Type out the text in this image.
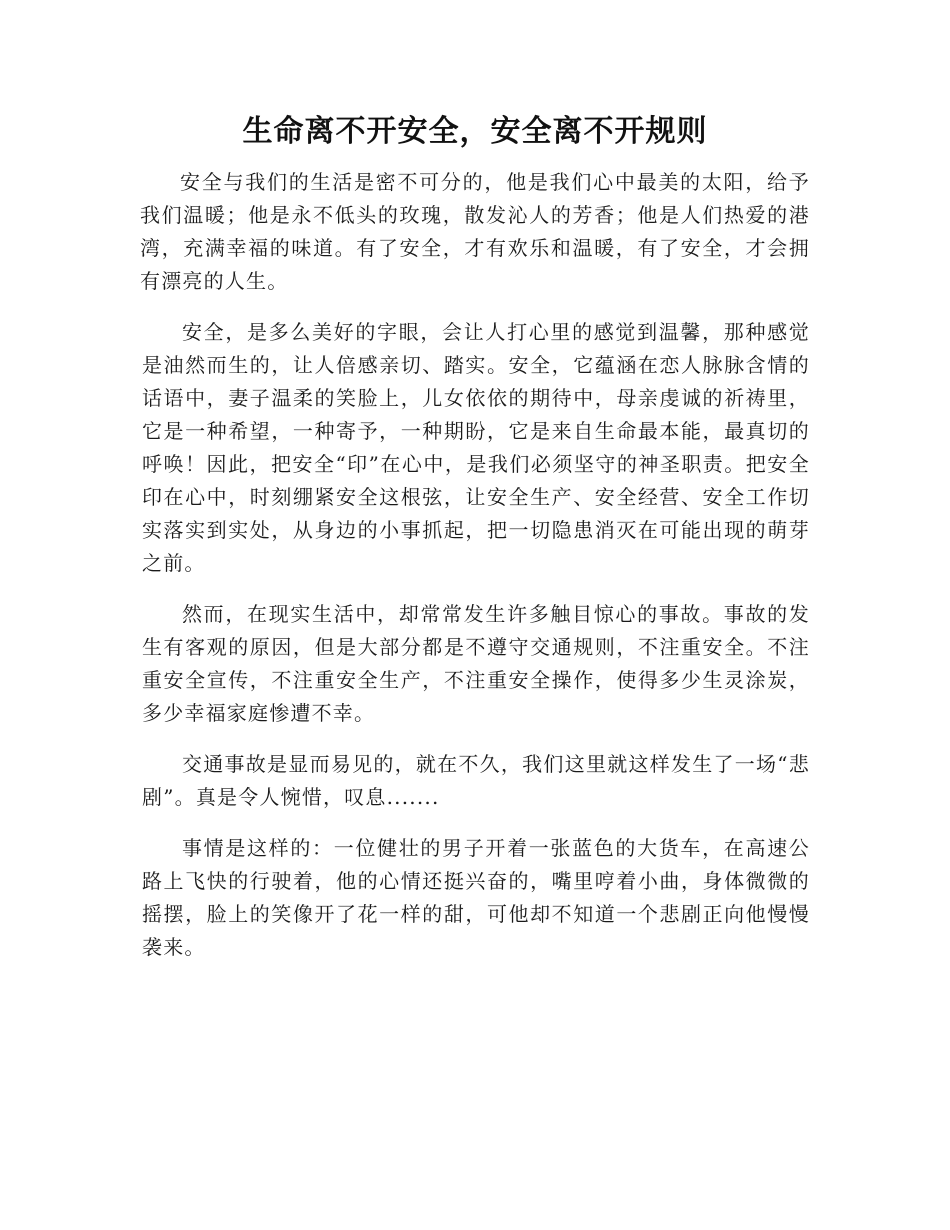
生命离不开安全，安全离不开规则

安全与我们的生活是密不可分的，他是我们心中最美的太阳，给予我们温暖；他是永不低头的玫瑰，散发沁人的芳香；他是人们热爱的港湾，充满幸福的味道。有了安全，才有欢乐和温暖，有了安全，才会拥有漂亮的人生。

安全，是多么美好的字眼，会让人打心里的感觉到温馨，那种感觉是油然而生的，让人倍感亲切、踏实。安全，它蕴涵在恋人脉脉含情的话语中，妻子温柔的笑脸上，儿女依依的期待中，母亲虔诚的祈祷里，它是一种希望，一种寄予，一种期盼，它是来自生命最本能，最真切的呼唤！因此，把安全“印”在心中，是我们必须坚守的神圣职责。把安全印在心中，时刻绷紧安全这根弦，让安全生产、安全经营、安全工作切实落实到实处，从身边的小事抓起，把一切隐患消灭在可能出现的萌芽之前。

然而，在现实生活中，却常常发生许多触目惊心的事故。事故的发生有客观的原因，但是大部分都是不遵守交通规则，不注重安全。不注重安全宣传，不注重安全生产，不注重安全操作，使得多少生灵涂炭，多少幸福家庭惨遭不幸。

交通事故是显而易见的，就在不久，我们这里就这样发生了一场“悲剧”。真是令人惋惜，叹息.......

事情是这样的：一位健壮的男子开着一张蓝色的大货车，在高速公路上飞快的行驶着，他的心情还挺兴奋的，嘴里哼着小曲，身体微微的摇摆，脸上的笑像开了花一样的甜，可他却不知道一个悲剧正向他慢慢袭来。
